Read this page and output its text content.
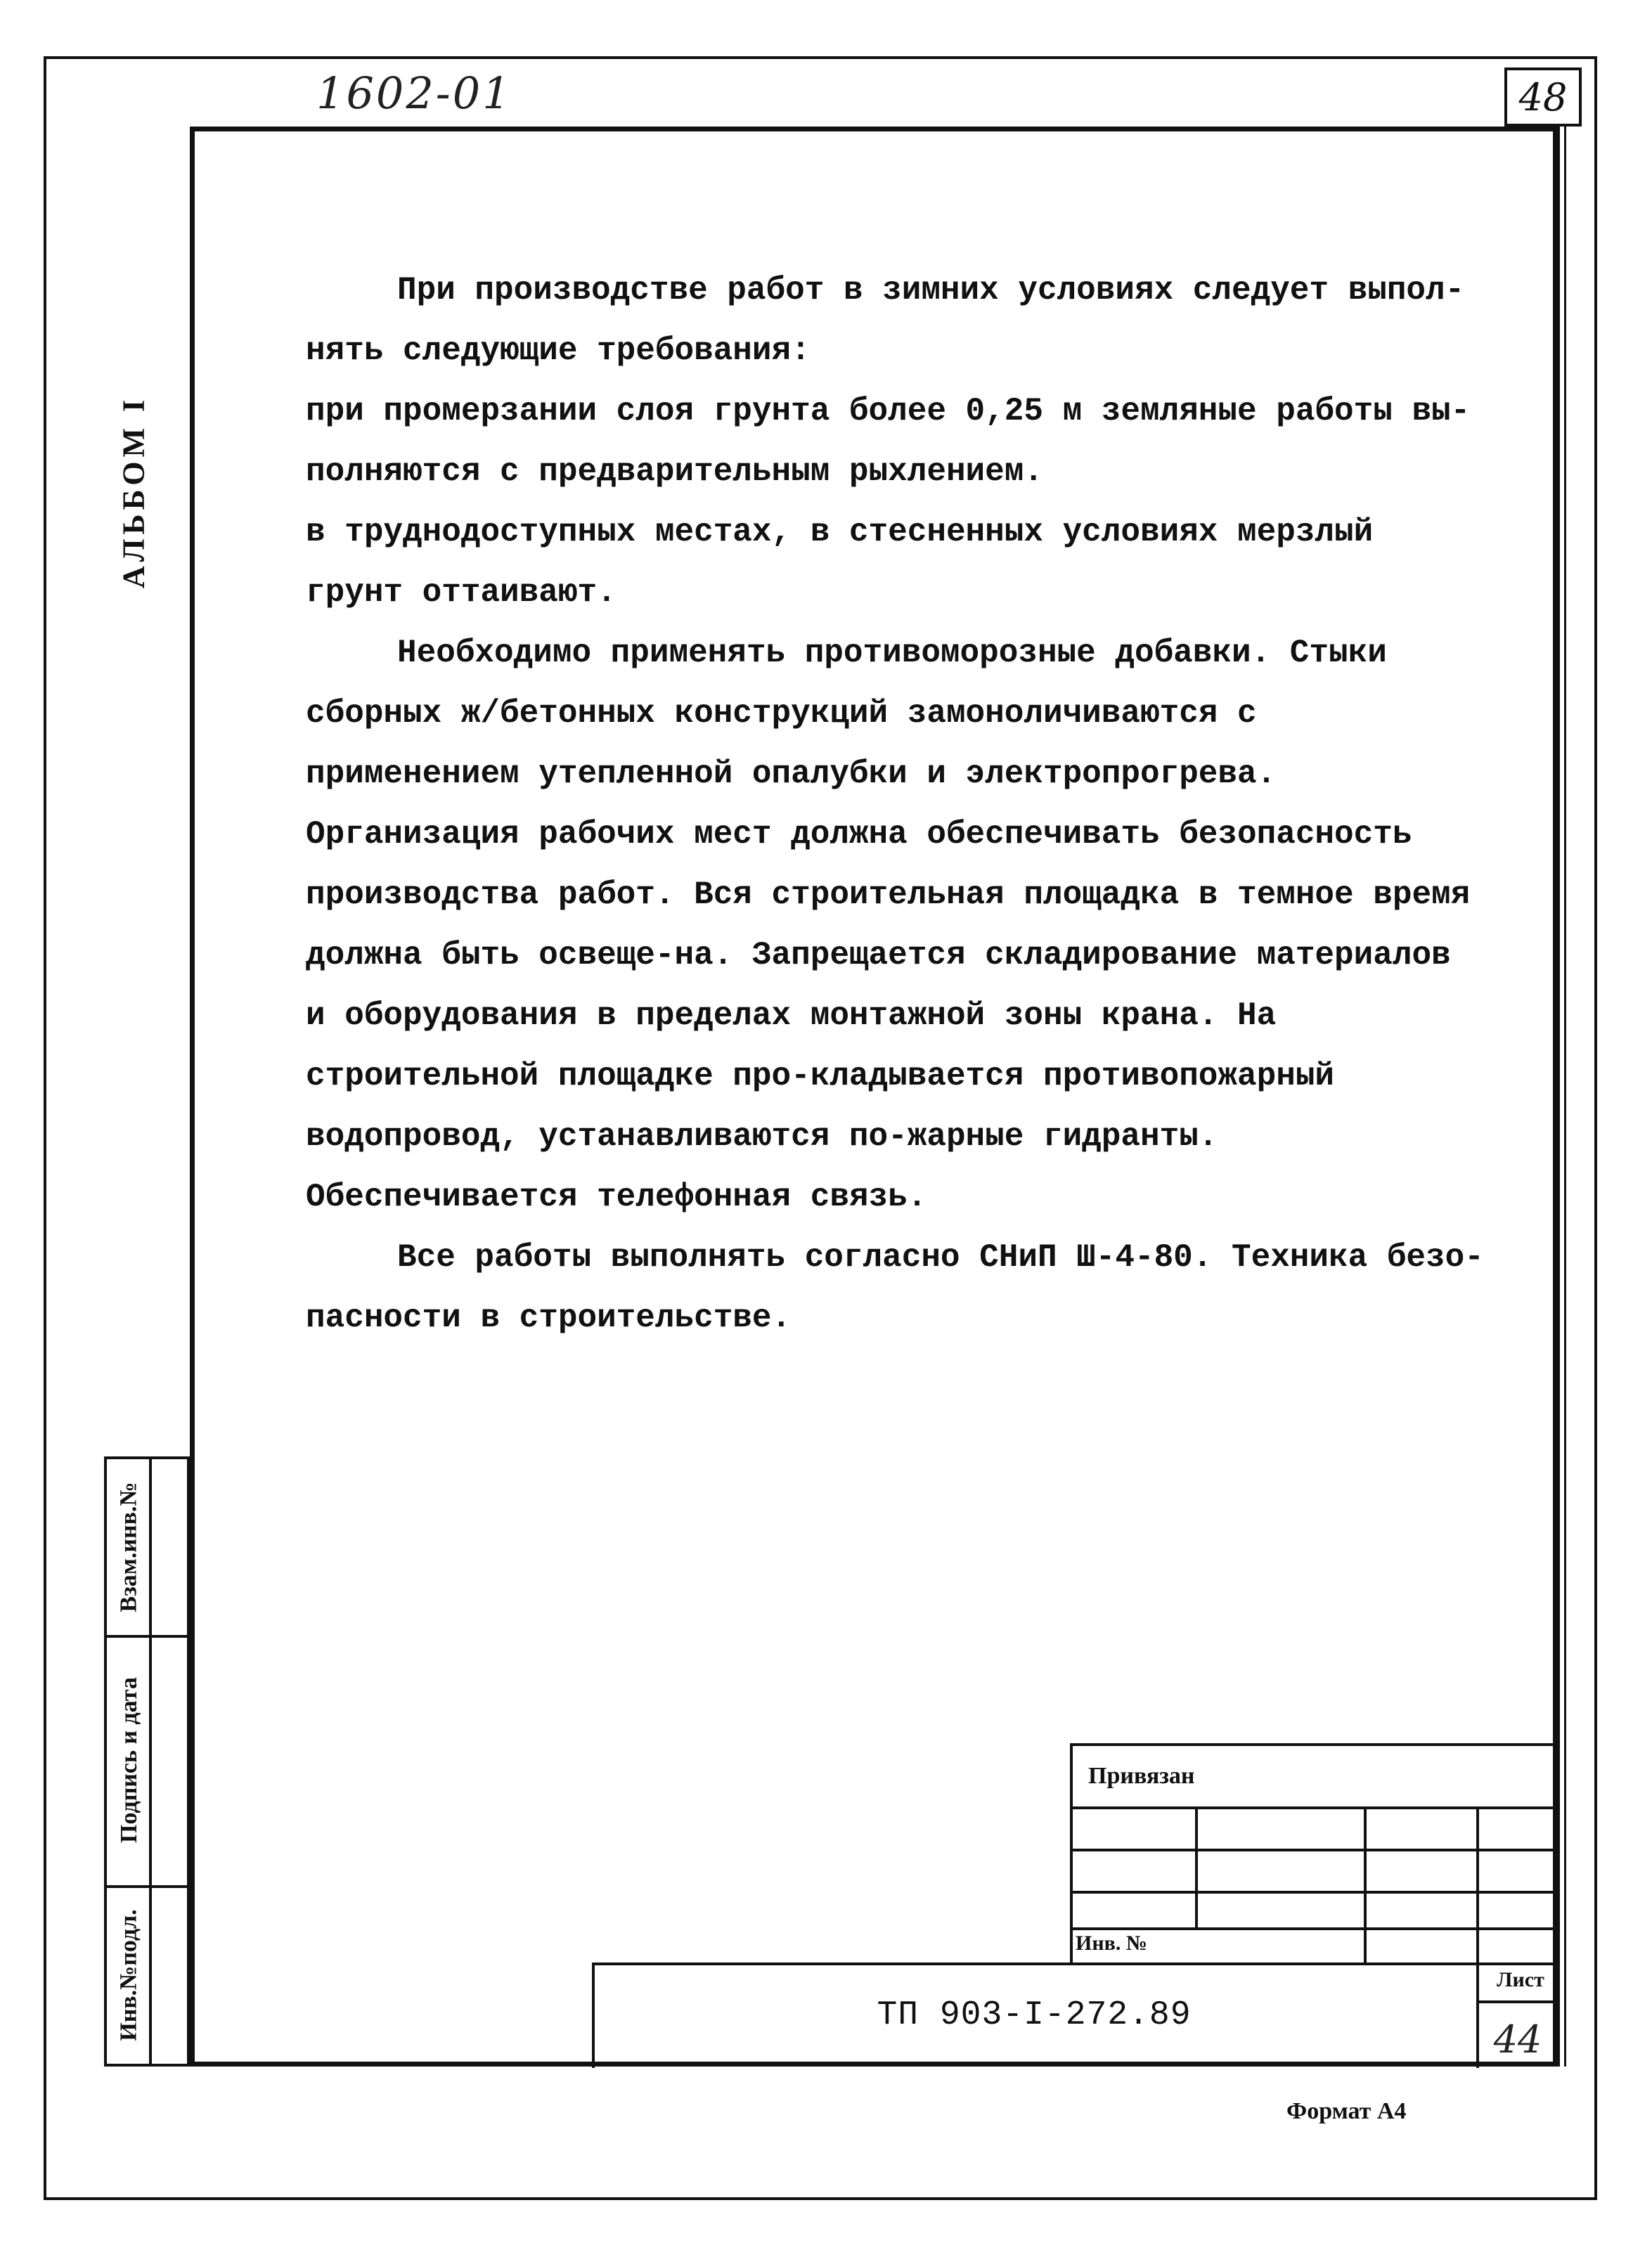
1602-01	48
АЛЬБОМ I

При производстве работ в зимних условиях следует выпол-нять следующие требования:

при промерзании слоя грунта более 0,25 м земляные работы вы-полняются с предварительным рыхлением.

в труднодоступных местах, в стесненных условиях мерзлый грунт оттаивают.

Необходимо применять противоморозные добавки. Стыки сборных ж/бетонных конструкций замоноличиваются с применением утепленной опалубки и электропрогрева. Организация рабочих мест должна обеспечивать безопасность производства работ. Вся строительная площадка в темное время должна быть освеще-на. Запрещается складирование материалов и оборудования в пределах монтажной зоны крана. На строительной площадке про-кладывается противопожарный водопровод, устанавливаются по-жарные гидранты. Обеспечивается телефонная связь.

Все работы выполнять согласно СНиП Ш-4-80. Техника безо-пасности в строительстве.

Взам.инв.№
Подпись и дата
Инв.№подл.
Привязан
Инв. №
ТП 903-I-272.89
Лист
44
Формат А4
